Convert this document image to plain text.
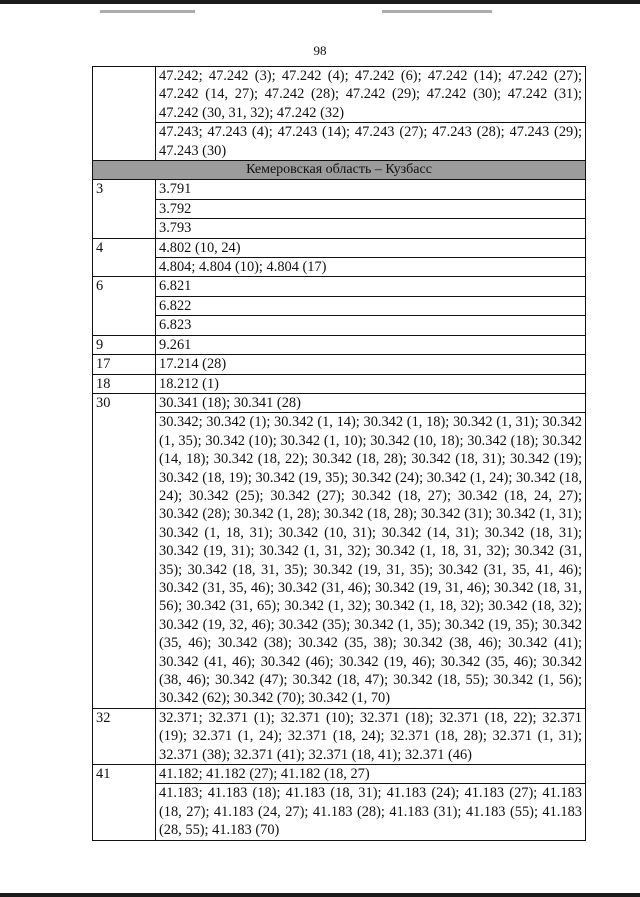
98
	47.242; 47.242 (3); 47.242 (4); 47.242 (6); 47.242 (14); 47.242 (27); 47.242 (14, 27); 47.242 (28); 47.242 (29); 47.242 (30); 47.242 (31); 47.242 (30, 31, 32); 47.242 (32)
	47.243; 47.243 (4); 47.243 (14); 47.243 (27); 47.243 (28); 47.243 (29); 47.243 (30)
Кемеровская область – Кузбасс	
3	3.791
	3.792
	3.793
4	4.802 (10, 24)
	4.804; 4.804 (10); 4.804 (17)
6	6.821
	6.822
	6.823
9	9.261
17	17.214 (28)
18	18.212 (1)
30	30.341 (18); 30.341 (28)
	30.342; 30.342 (1); 30.342 (1, 14); 30.342 (1, 18); 30.342 (1, 31); 30.342 (1, 35); 30.342 (10); 30.342 (1, 10); 30.342 (10, 18); 30.342 (18); 30.342 (14, 18); 30.342 (18, 22); 30.342 (18, 28); 30.342 (18, 31); 30.342 (19); 30.342 (18, 19); 30.342 (19, 35); 30.342 (24); 30.342 (1, 24); 30.342 (18, 24); 30.342 (25); 30.342 (27); 30.342 (18, 27); 30.342 (18, 24, 27); 30.342 (28); 30.342 (1, 28); 30.342 (18, 28); 30.342 (31); 30.342 (1, 31); 30.342 (1, 18, 31); 30.342 (10, 31); 30.342 (14, 31); 30.342 (18, 31); 30.342 (19, 31); 30.342 (1, 31, 32); 30.342 (1, 18, 31, 32); 30.342 (31, 35); 30.342 (18, 31, 35); 30.342 (19, 31, 35); 30.342 (31, 35, 41, 46); 30.342 (31, 35, 46); 30.342 (31, 46); 30.342 (19, 31, 46); 30.342 (18, 31, 56); 30.342 (31, 65); 30.342 (1, 32); 30.342 (1, 18, 32); 30.342 (18, 32); 30.342 (19, 32, 46); 30.342 (35); 30.342 (1, 35); 30.342 (19, 35); 30.342 (35, 46); 30.342 (38); 30.342 (35, 38); 30.342 (38, 46); 30.342 (41); 30.342 (41, 46); 30.342 (46); 30.342 (19, 46); 30.342 (35, 46); 30.342 (38, 46); 30.342 (47); 30.342 (18, 47); 30.342 (18, 55); 30.342 (1, 56); 30.342 (62); 30.342 (70); 30.342 (1, 70)
32	32.371; 32.371 (1); 32.371 (10); 32.371 (18); 32.371 (18, 22); 32.371 (19); 32.371 (1, 24); 32.371 (18, 24); 32.371 (18, 28); 32.371 (1, 31); 32.371 (38); 32.371 (41); 32.371 (18, 41); 32.371 (46)
41	41.182; 41.182 (27); 41.182 (18, 27)
	41.183; 41.183 (18); 41.183 (18, 31); 41.183 (24); 41.183 (27); 41.183 (18, 27); 41.183 (24, 27); 41.183 (28); 41.183 (31); 41.183 (55); 41.183 (28, 55); 41.183 (70)
